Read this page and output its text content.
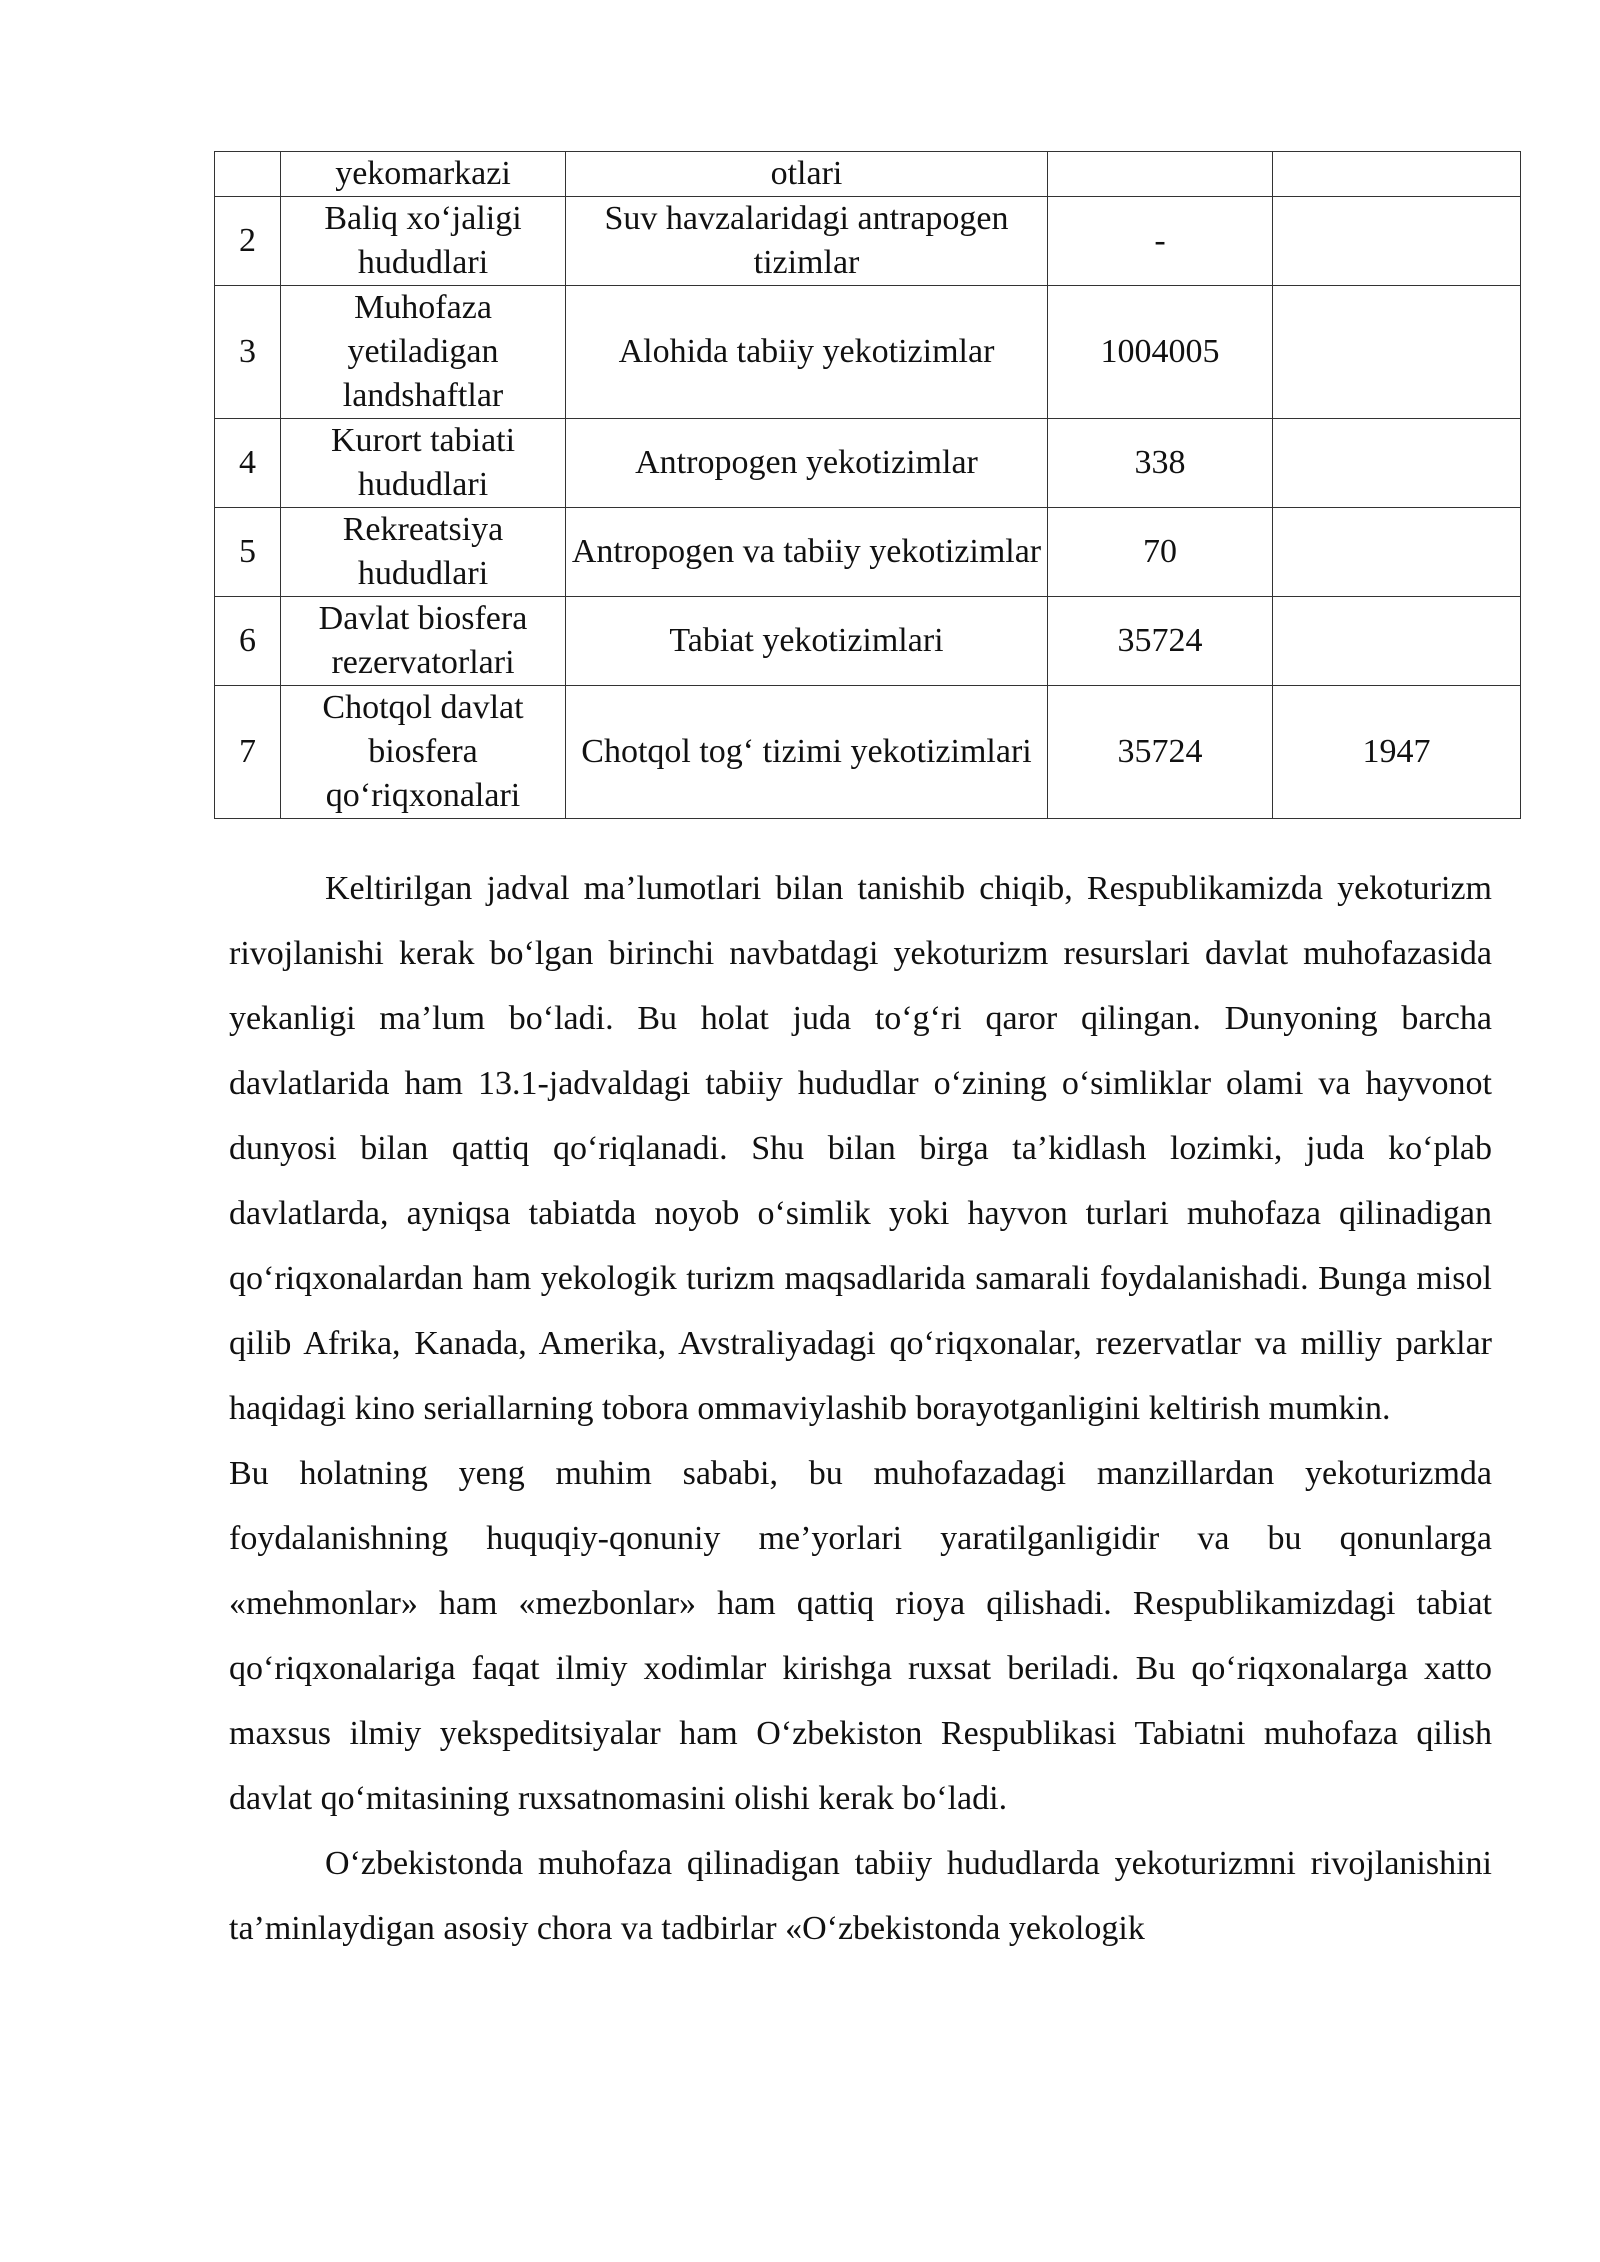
	yekomarkazi	otlari		
2	Baliq xo‘jaligi hududlari	Suv havzalaridagi antrapogen tizimlar	-	
3	Muhofaza yetiladigan landshaftlar	Alohida tabiiy yekotizimlar	1004005	
4	Kurort tabiati hududlari	Antropogen yekotizimlar	338	
5	Rekreatsiya hududlari	Antropogen va tabiiy yekotizimlar	70	
6	Davlat biosfera rezervatorlari	Tabiat yekotizimlari	35724	
7	Chotqol davlat biosfera qo‘riqxonalari	Chotqol tog‘ tizimi yekotizimlari	35724	1947

Keltirilgan jadval ma’lumotlari bilan tanishib chiqib, Respublikamizda yekoturizm rivojlanishi kerak bo‘lgan birinchi navbatdagi yekoturizm resurslari davlat muhofazasida yekanligi ma’lum bo‘ladi. Bu holat juda to‘g‘ri qaror qilingan. Dunyoning barcha davlatlarida ham 13.1-jadvaldagi tabiiy hududlar o‘zining o‘simliklar olami va hayvonot dunyosi bilan qattiq qo‘riqlanadi. Shu bilan birga ta’kidlash lozimki, juda ko‘plab davlatlarda, ayniqsa tabiatda noyob o‘simlik yoki hayvon turlari muhofaza qilinadigan qo‘riqxonalardan ham yekologik turizm maqsadlarida samarali foydalanishadi. Bunga misol qilib Afrika, Kanada, Amerika, Avstraliyadagi qo‘riqxonalar, rezervatlar va milliy parklar haqidagi kino seriallarning tobora ommaviylashib borayotganligini keltirish mumkin.

Bu holatning yeng muhim sababi, bu muhofazadagi manzillardan yekoturizmda foydalanishning huquqiy-qonuniy me’yorlari yaratilganligidir va bu qonunlarga «mehmonlar» ham «mezbonlar» ham qattiq rioya qilishadi. Respublikamizdagi tabiat qo‘riqxonalariga faqat ilmiy xodimlar kirishga ruxsat beriladi. Bu qo‘riqxonalarga xatto maxsus ilmiy yekspeditsiyalar ham O‘zbekiston Respublikasi Tabiatni muhofaza qilish davlat qo‘mitasining ruxsatnomasini olishi kerak bo‘ladi.

O‘zbekistonda muhofaza qilinadigan tabiiy hududlarda yekoturizmni rivojlanishini ta’minlaydigan asosiy chora va tadbirlar «O‘zbekistonda yekologik
